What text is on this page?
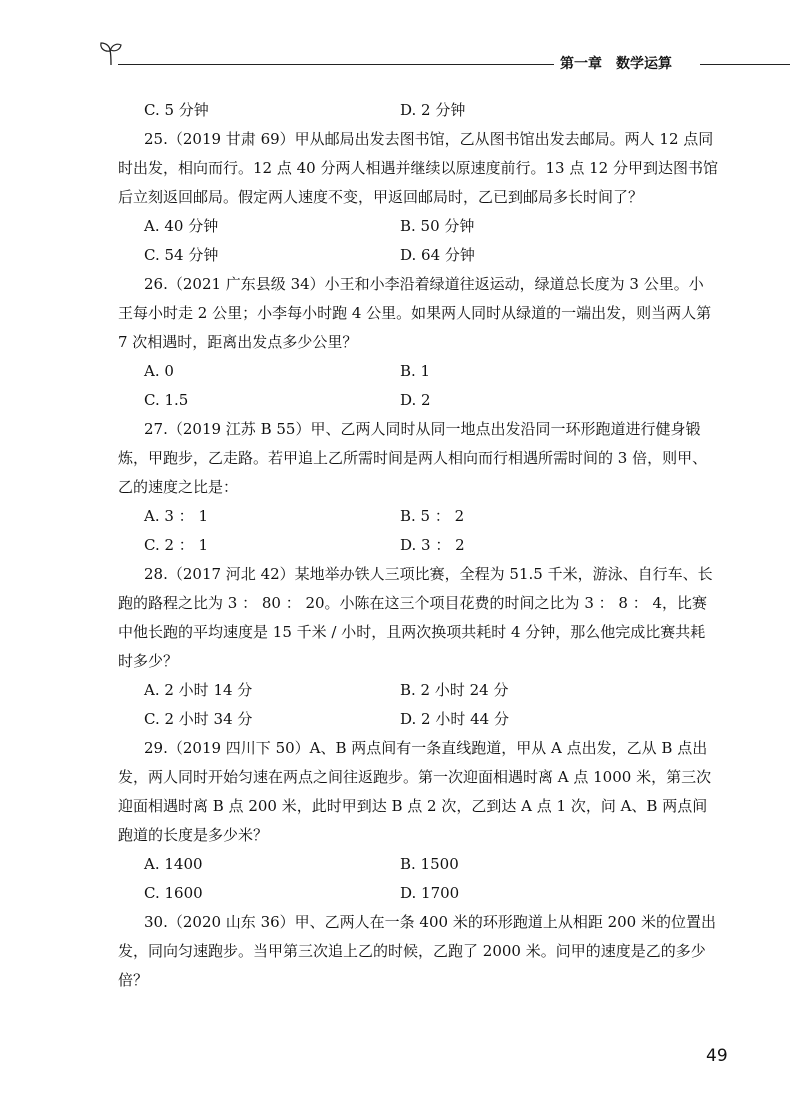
第一章 数学运算
C. 5 分钟	D. 2 分钟

25.（2019 甘肃 69）甲从邮局出发去图书馆，乙从图书馆出发去邮局。两人 12 点同时出发，相向而行。12 点 40 分两人相遇并继续以原速度前行。13 点 12 分甲到达图书馆后立刻返回邮局。假定两人速度不变，甲返回邮局时，乙已到邮局多长时间了？

A. 40 分钟	B. 50 分钟
C. 54 分钟	D. 64 分钟

26.（2021 广东县级 34）小王和小李沿着绿道往返运动，绿道总长度为 3 公里。小王每小时走 2 公里；小李每小时跑 4 公里。如果两人同时从绿道的一端出发，则当两人第 7 次相遇时，距离出发点多少公里？

A. 0	B. 1
C. 1.5	D. 2

27.（2019 江苏 B 55）甲、乙两人同时从同一地点出发沿同一环形跑道进行健身锻炼，甲跑步，乙走路。若甲追上乙所需时间是两人相向而行相遇所需时间的 3 倍，则甲、乙的速度之比是：

A. 3 ： 1	B. 5 ： 2
C. 2 ： 1	D. 3 ： 2

28.（2017 河北 42）某地举办铁人三项比赛，全程为 51.5 千米，游泳、自行车、长跑的路程之比为 3 ： 80 ： 20。小陈在这三个项目花费的时间之比为 3 ： 8 ： 4，比赛中他长跑的平均速度是 15 千米 / 小时，且两次换项共耗时 4 分钟，那么他完成比赛共耗时多少？

A. 2 小时 14 分	B. 2 小时 24 分
C. 2 小时 34 分	D. 2 小时 44 分

29.（2019 四川下 50）A、B 两点间有一条直线跑道，甲从 A 点出发，乙从 B 点出发，两人同时开始匀速在两点之间往返跑步。第一次迎面相遇时离 A 点 1000 米，第三次迎面相遇时离 B 点 200 米，此时甲到达 B 点 2 次，乙到达 A 点 1 次，问 A、B 两点间跑道的长度是多少米？

A. 1400	B. 1500
C. 1600	D. 1700

30.（2020 山东 36）甲、乙两人在一条 400 米的环形跑道上从相距 200 米的位置出发，同向匀速跑步。当甲第三次追上乙的时候，乙跑了 2000 米。问甲的速度是乙的多少倍？

49
